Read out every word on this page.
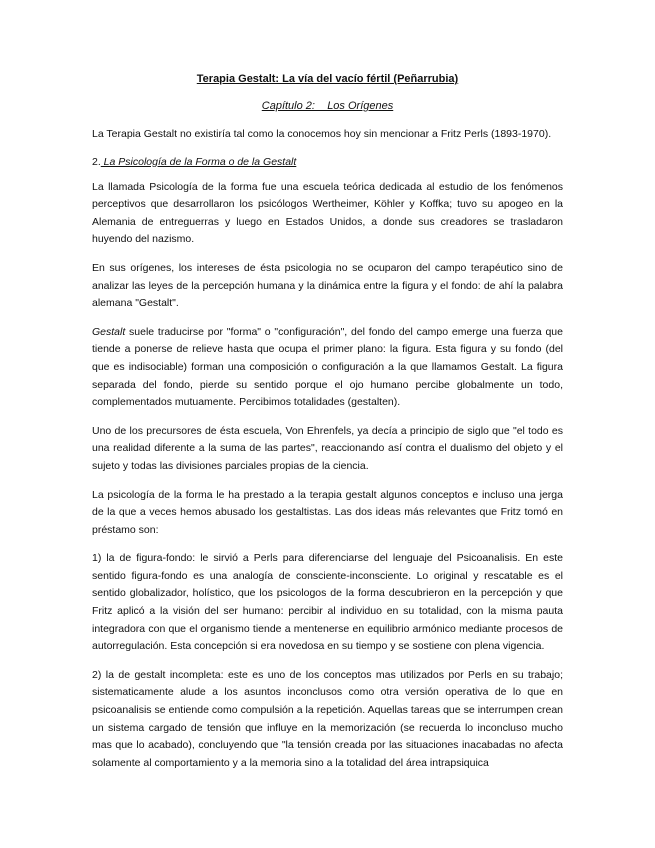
Terapia Gestalt: La vía del vacío fértil (Peñarrubia)
Capítulo 2:    Los Orígenes

La Terapia Gestalt no existiría tal como la conocemos hoy sin mencionar a Fritz Perls (1893-1970).

2. La Psicología de la Forma o de la Gestalt

La llamada Psicología de la forma fue una escuela teórica dedicada al estudio de los fenómenos perceptivos que desarrollaron los psicólogos Wertheimer, Köhler y Koffka; tuvo su apogeo en la Alemania de entreguerras y luego en Estados Unidos, a donde sus creadores se trasladaron huyendo del nazismo.

En sus orígenes, los intereses de ésta psicologia no se ocuparon del campo terapéutico sino de analizar las leyes de la percepción humana y la dinámica entre la figura y el fondo: de ahí la palabra alemana "Gestalt".

Gestalt suele traducirse por "forma" o "configuración", del fondo del campo emerge una fuerza que tiende a ponerse de relieve hasta que ocupa el primer plano: la figura. Esta figura y su fondo (del que es indisociable) forman una composición o configuración a la que llamamos Gestalt. La figura separada del fondo, pierde su sentido porque el ojo humano percibe globalmente un todo, complementados mutuamente. Percibimos totalidades (gestalten).

Uno de los precursores de ésta escuela, Von Ehrenfels, ya decía a principio de siglo que "el todo es una realidad diferente a la suma de las partes", reaccionando así contra el dualismo del objeto y el sujeto y todas las divisiones parciales propias de la ciencia.

La psicología de la forma le ha prestado a la terapia gestalt algunos conceptos e incluso una jerga de la que a veces hemos abusado los gestaltistas. Las dos ideas más relevantes que Fritz tomó en préstamo son:

1) la de figura-fondo: le sirvió a Perls para diferenciarse del lenguaje del Psicoanalisis. En este sentido figura-fondo es una analogía de consciente-inconsciente. Lo original y rescatable es el sentido globalizador, holístico, que los psicologos de la forma descubrieron en la percepción y que Fritz aplicó a la visión del ser humano: percibir al individuo en su totalidad, con la misma pauta integradora con que el organismo tiende a mentenerse en equilibrio armónico mediante procesos de autorregulación. Esta concepción si era novedosa en su tiempo y se sostiene con plena vigencia.

2) la de gestalt incompleta: este es uno de los conceptos mas utilizados por Perls en su trabajo; sistematicamente alude a los asuntos inconclusos como otra versión operativa de lo que en psicoanalisis se entiende como compulsión a la repetición. Aquellas tareas que se interrumpen crean un sistema cargado de tensión que influye en la memorización (se recuerda lo inconcluso mucho mas que lo acabado), concluyendo que "la tensión creada por las situaciones inacabadas no afecta solamente al comportamiento y a la memoria sino a la totalidad del área intrapsiquica
